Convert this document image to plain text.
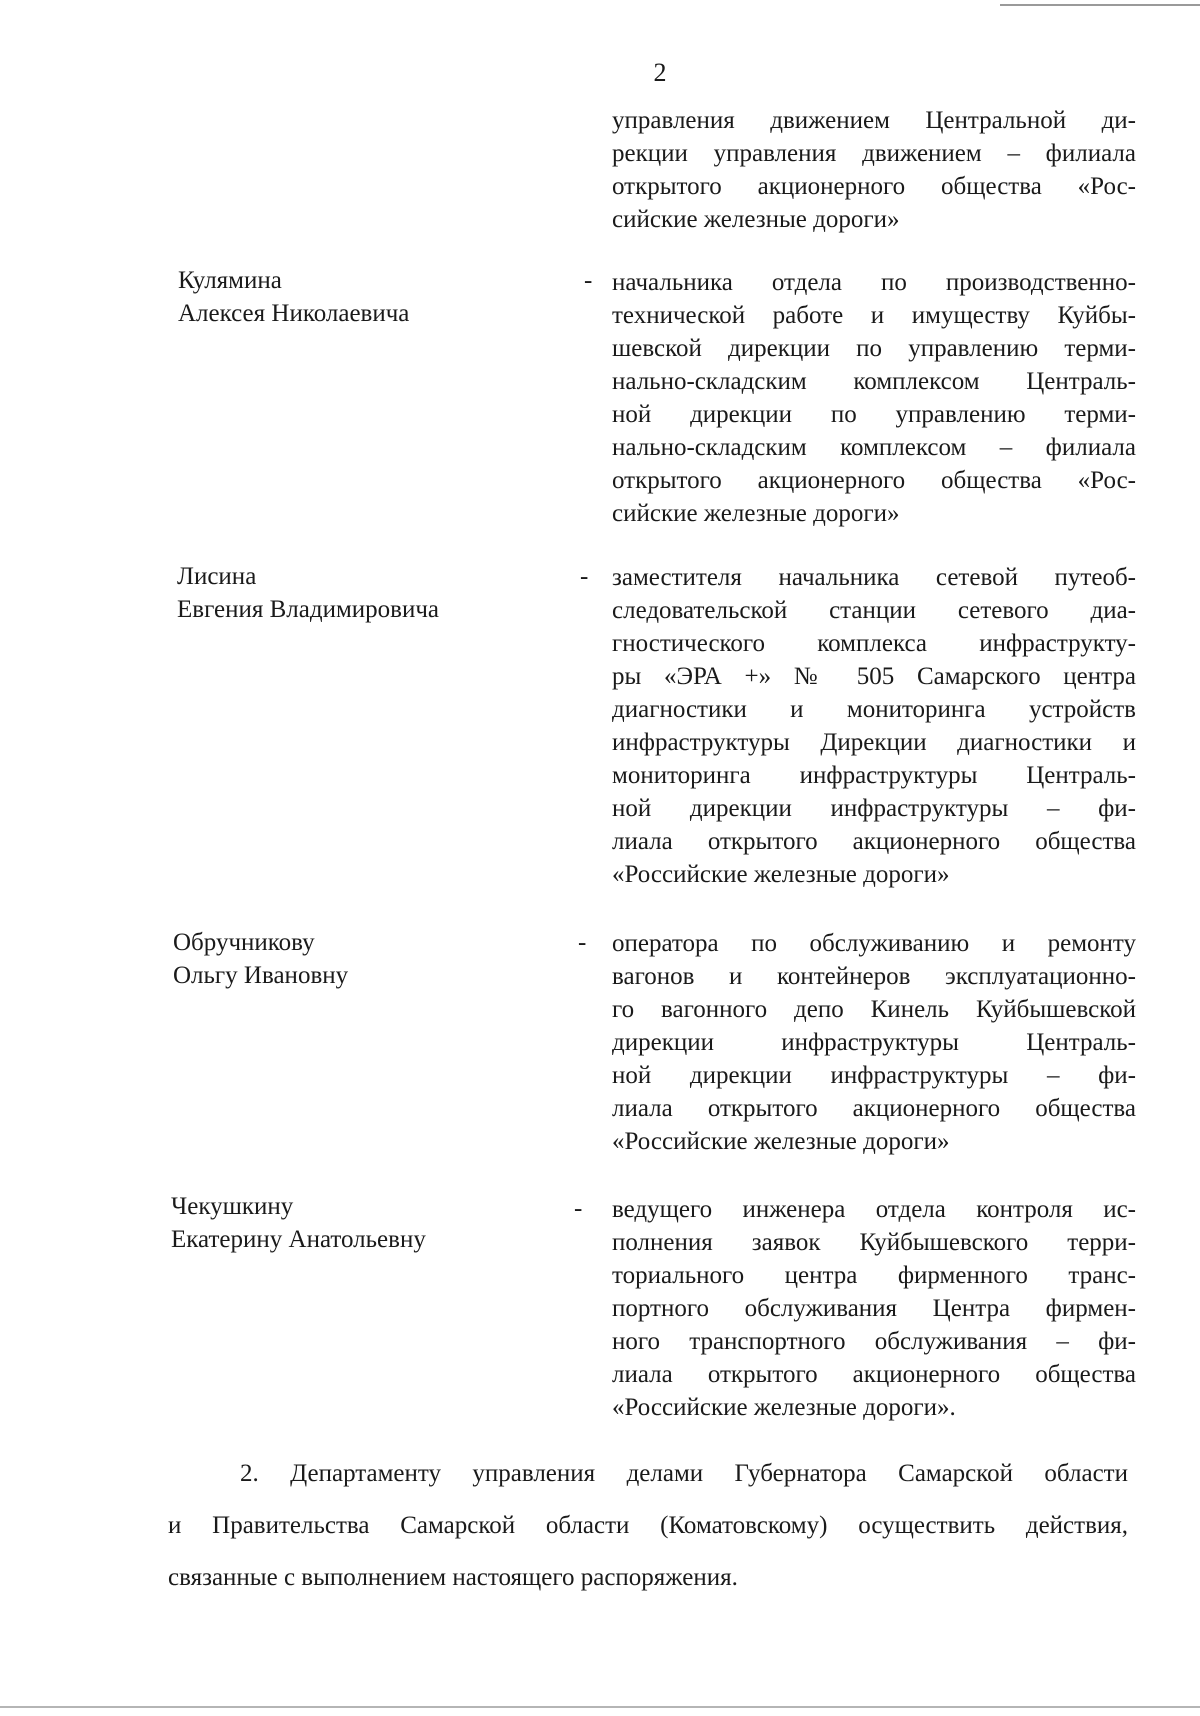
2
управления движением Центральной ди-
рекции управления движением – филиала
открытого акционерного общества «Рос-
сийские железные дороги»
Кулямина
Алексея Николаевича
- начальника отдела по производственно-
технической работе и имуществу Куйбы-
шевской дирекции по управлению терми-
нально-складским комплексом Централь-
ной дирекции по управлению терми-
нально-складским комплексом – филиала
открытого акционерного общества «Рос-
сийские железные дороги»
Лисина
Евгения Владимировича
- заместителя начальника сетевой путеоб-
следовательской станции сетевого диа-
гностического комплекса инфраструкту-
ры «ЭРА +» № 505 Самарского центра
диагностики и мониторинга устройств
инфраструктуры Дирекции диагностики и
мониторинга инфраструктуры Централь-
ной дирекции инфраструктуры – фи-
лиала открытого акционерного общества
«Российские железные дороги»
Обручникову
Ольгу Ивановну
- оператора по обслуживанию и ремонту
вагонов и контейнеров эксплуатационно-
го вагонного депо Кинель Куйбышевской
дирекции инфраструктуры Централь-
ной дирекции инфраструктуры – фи-
лиала открытого акционерного общества
«Российские железные дороги»
Чекушкину
Екатерину Анатольевну
- ведущего инженера отдела контроля ис-
полнения заявок Куйбышевского терри-
ториального центра фирменного транс-
портного обслуживания Центра фирмен-
ного транспортного обслуживания – фи-
лиала открытого акционерного общества
«Российские железные дороги».
2. Департаменту управления делами Губернатора Самарской области
и Правительства Самарской области (Коматовскому) осуществить действия,
связанные с выполнением настоящего распоряжения.
